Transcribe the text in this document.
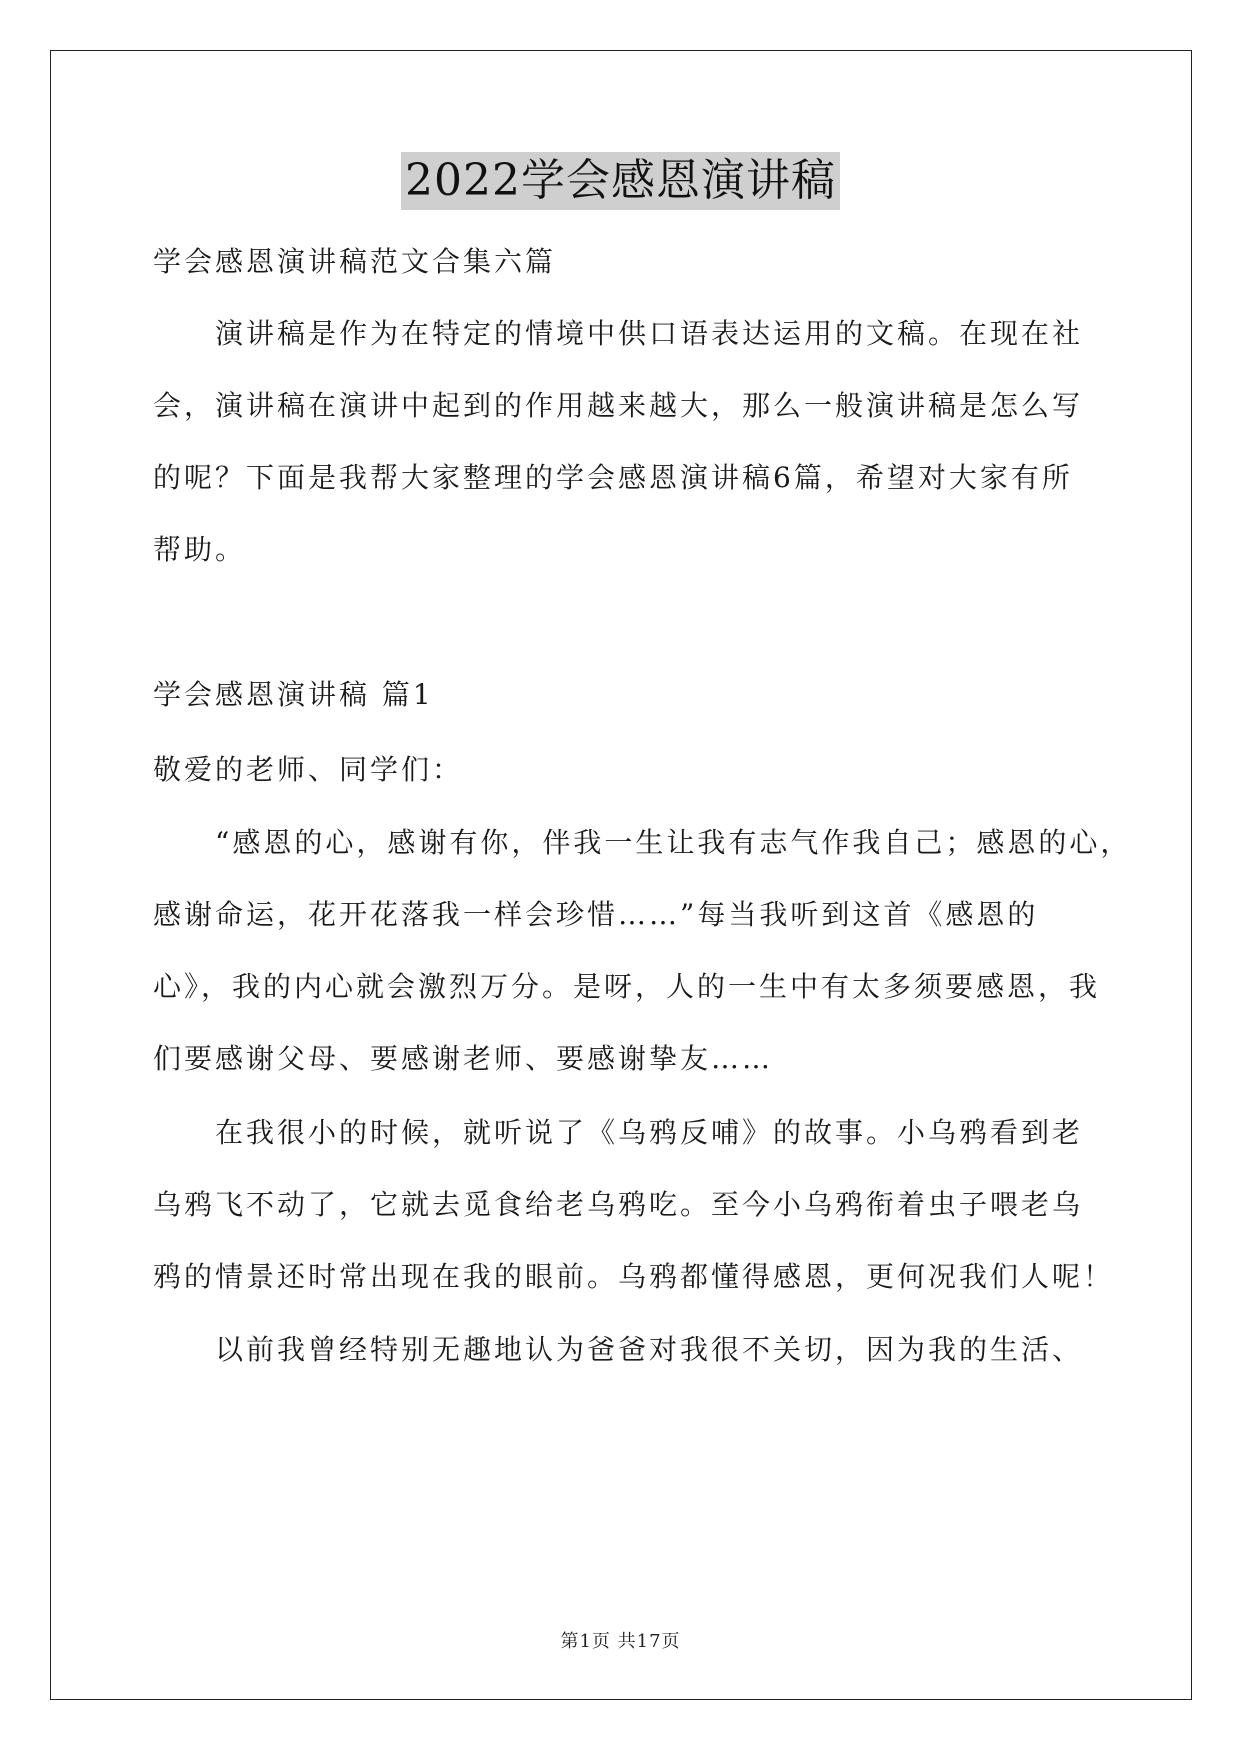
2022学会感恩演讲稿
学会感恩演讲稿范文合集六篇
演讲稿是作为在特定的情境中供口语表达运用的文稿。在现在社
会，演讲稿在演讲中起到的作用越来越大，那么一般演讲稿是怎么写
的呢？下面是我帮大家整理的学会感恩演讲稿6篇，希望对大家有所
帮助。
学会感恩演讲稿 篇1
敬爱的老师、同学们：
“感恩的心，感谢有你，伴我一生让我有志气作我自己；感恩的心，
感谢命运，花开花落我一样会珍惜……”每当我听到这首《感恩的
心》，我的内心就会激烈万分。是呀，人的一生中有太多须要感恩，我
们要感谢父母、要感谢老师、要感谢挚友……
在我很小的时候，就听说了《乌鸦反哺》的故事。小乌鸦看到老
乌鸦飞不动了，它就去觅食给老乌鸦吃。至今小乌鸦衔着虫子喂老乌
鸦的情景还时常出现在我的眼前。乌鸦都懂得感恩，更何况我们人呢！
以前我曾经特别无趣地认为爸爸对我很不关切，因为我的生活、
第1页 共17页
